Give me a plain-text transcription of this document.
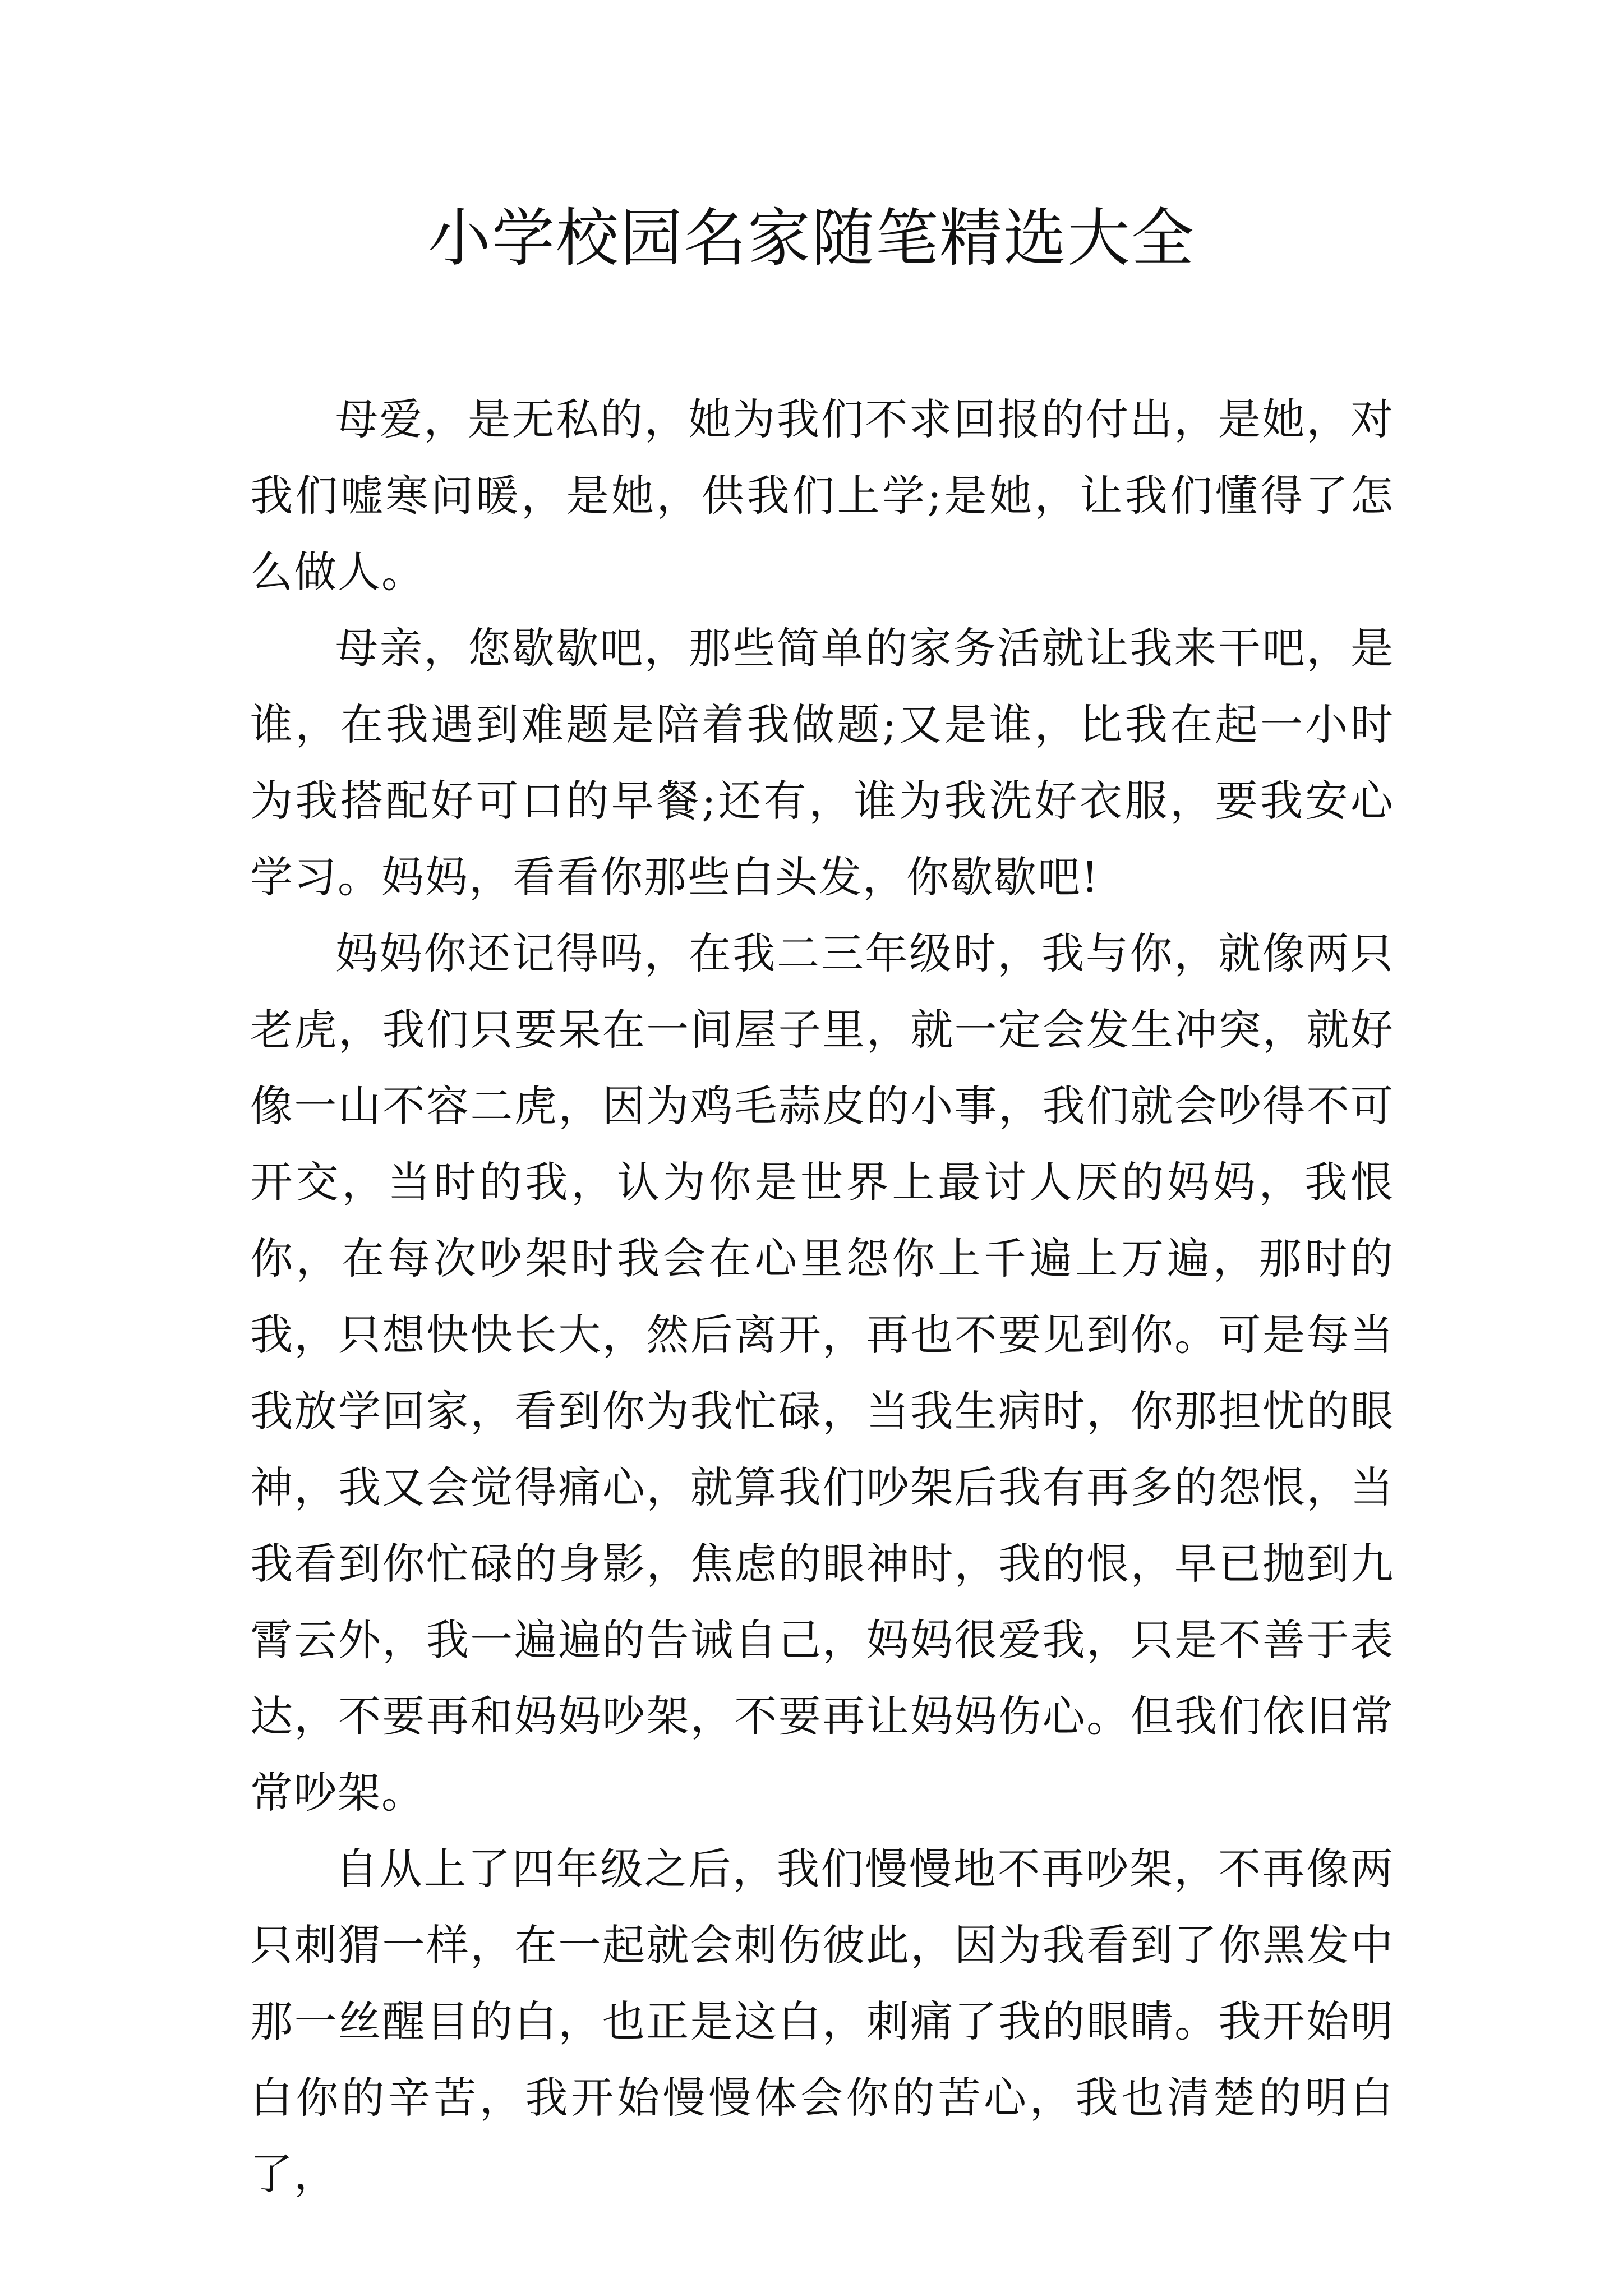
小学校园名家随笔精选大全

母爱，是无私的，她为我们不求回报的付出，是她，对我们嘘寒问暖，是她，供我们上学;是她，让我们懂得了怎么做人。

母亲，您歇歇吧，那些简单的家务活就让我来干吧，是谁，在我遇到难题是陪着我做题;又是谁，比我在起一小时为我搭配好可口的早餐;还有，谁为我洗好衣服，要我安心学习。妈妈，看看你那些白头发，你歇歇吧!

妈妈你还记得吗，在我二三年级时，我与你，就像两只老虎，我们只要呆在一间屋子里，就一定会发生冲突，就好像一山不容二虎，因为鸡毛蒜皮的小事，我们就会吵得不可开交，当时的我，认为你是世界上最讨人厌的妈妈，我恨你，在每次吵架时我会在心里怨你上千遍上万遍，那时的我，只想快快长大，然后离开，再也不要见到你。可是每当我放学回家，看到你为我忙碌，当我生病时，你那担忧的眼神，我又会觉得痛心，就算我们吵架后我有再多的怨恨，当我看到你忙碌的身影，焦虑的眼神时，我的恨，早已抛到九霄云外，我一遍遍的告诫自己，妈妈很爱我，只是不善于表达，不要再和妈妈吵架，不要再让妈妈伤心。但我们依旧常常吵架。

自从上了四年级之后，我们慢慢地不再吵架，不再像两只刺猬一样，在一起就会刺伤彼此，因为我看到了你黑发中那一丝醒目的白，也正是这白，刺痛了我的眼睛。我开始明白你的辛苦，我开始慢慢体会你的苦心，我也清楚的明白了，
